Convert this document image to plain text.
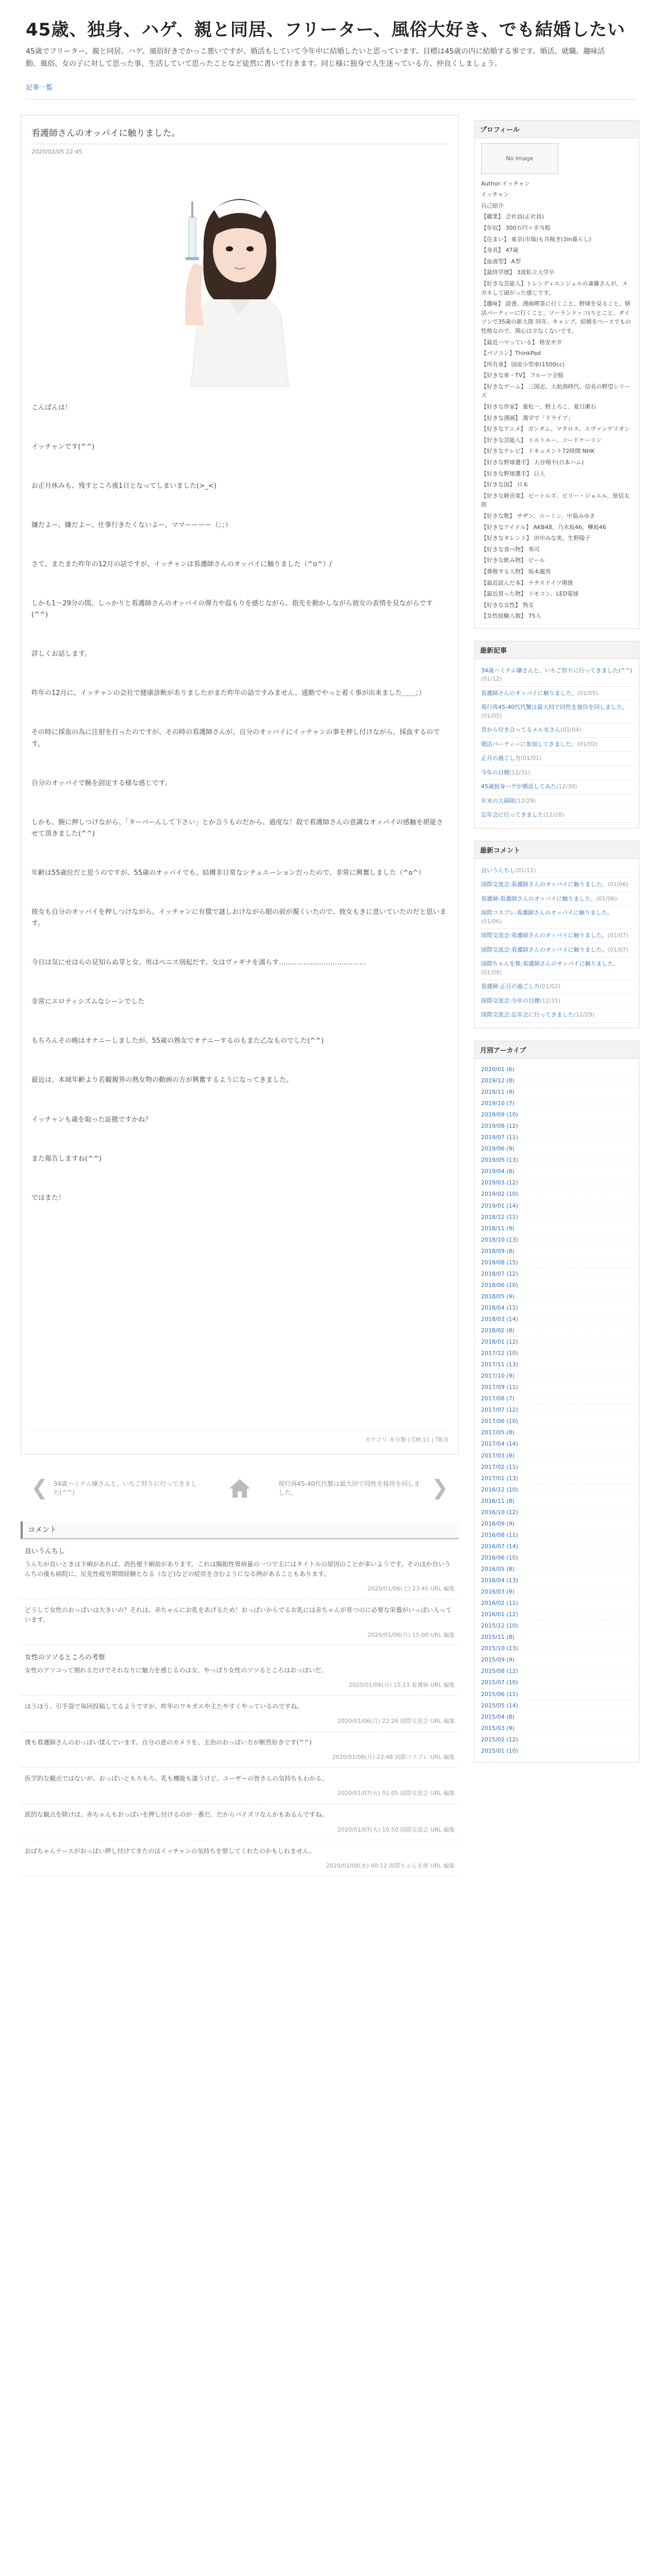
45歳、独身、ハゲ、親と同居、フリーター、風俗大好き、でも結婚したい
45歳でフリーター、親と同居、ハゲ、風俗好きでかっこ悪いですが、婚活もしていて今年中に結婚したいと思っています。目標は45歳の内に結婚する事です。婚活、就職、趣味活動、風俗、女の子に対して思った事、生活していて思ったことなど徒然に書いて行きます。同じ様に独身で人生迷っている方、仲良くしましょう。
記事一覧
看護師さんのオッパイに触りました。
2020/02/05 22:45

こんばんは！

イッチャンです(^^)

お正月休みも、残すところ後1日となってしまいました(>_<)

嫌だよー、嫌だよー、仕事行きたくないよー、ママーーーー（；；）

さて、またまた昨年の12月の話ですが、イッチャンは看護師さんのオッパイに触りました（^o^）/

しかも1〜29分の間、しっかりと看護師さんのオッパイの弾力や温もりを感じながら、指先を動かしながら彼女の表情を見ながらです(^^)

詳しくお話します。

昨年の12月に、イッチャンの会社で健康診断がありましたがまた昨年の話ですみません。通勤でやっと着く事が出来ました＿＿；）

その時に採血の為に注射を打ったのですが、その時の看護師さんが、自分のオッパイにイッチャンの事を押し付けながら、採血するのです。

自分のオッパイで腕を固定する様な感じです。

しかも、腕に押しつけながら、「ターバーんして下さい」とか言うものだから、過度な！殺で看護師さんの意識なオッパイの感触を堪能させて頂きました(^^)

年齢は55歳位だと思うのですが、55歳のオッパイでも、結構非日常なシチュエーションだったので、非常に興奮しました（^o^）

彼女も自分のオッパイを押しつけながら、イッチャンに有償で謎しおけながら眼の前が濁くいたので、彼女もきに意いていたのだと思います。

今日は気にせはらの見知らぬ芽と女、男はペニス別起だす、女はヴァギナを濡らす…………………………………

非常にエロティシズムなシーンでした

もちろんその晩はオナニーしましたが、55歳の熟女でオナニーするのもまた乙なものでした(^^)

最近は、本域年齢より若観親界の熟女物の動画の方が興奮するようになってきました。

イッチャンも歳を取った証拠ですかね？

また報告しますね(^^)

ではまた！

カテゴリ:未分類 | CM:11 | TB:0
❮ 34歳ハミナム嬢さんと、いちご狩りに行ってきました(^^)
現行再45-40代代蟹は最大回で同性を接待を同しました。	❯
コメント
良いうんちし
うんちが良いときは下痢があれば、消色便下痢前があります。これは腸振性胃病量の一つで主にはタイトルの原因のことが多いようです。そのほか自いうんちの後も病院に、尻先性疲労期間経験となる（など)などの症状を含むようになる例があることもあります。
2020/01/06(土) 23:45 URL 編集
どうして女性のおっぱいは大きいの？それは、赤ちゃんにお乳をあげるため！おっぱいからでるお乳には赤ちゃんが育つのに必要な栄養がいっぱい入っています。
2020/01/06(月) 15:00 URL 編集
女性のソソるところの考察
女性のアソコって割れるだけでそれなりに魅力を感じるのは女、やっぱり女性のソソるところはおっぱいだ。
2020/01/06(月) 15:13 看護婦 URL 編集
ほうほう、引手袋で毎回投稿してるようですが、昨年のワキガエや主たやすくやっているのですね。
2020/01/06(月) 22:26 国際交流会 URL 編集
僕も看護師さんのおっぱい揉んでいます。自分の意のカメラを、主治のおっぱい方が断然好きです(^^)
2020/01/06(月) 23:48 国際コスプレ URL 編集
医学的な観点ではないが、おっぱいともろもろ、乳も機能も違うけど、ユーザーの皆さんの気持ちもわかる。
2020/01/07(火) 01:05 国際交流会 URL 編集
派的な観点を除けば、赤ちゃんもおっぱいを押し付けるのが一番だ。だからパイズリなんかもあるんですね。
2020/01/07(火) 10:50 国際交流会 URL 編集
おばちゃんナースがおっぱい押し付けてきたのはイッチャンの気持ちを察してくれたのかもしれません。
2020/01/08(水) 00:12 国際ちゃんを推 URL 編集
プロフィール
No Image
Author:イッチャン
イッチャン
自己紹介
【職業】 会社員(正社員)
【年収】 300万円＋手当程
【住まい】 東京(市場)も共稼ぎ(3in暮らし)
【身長】 47歳
【血液型】 A型
【最終学歴】 3流私立大学卒
【好きな芸能人】トレンディエンジェルの斎藤さんが、メガネして頭がった感じです。
【趣味】 読書、漫画喫茶に行くこと、野球を見ること、婚活パーティーに行くこと、ソーランドッコ(りとこと、ダイソンで35歳の新大陸 同年、キャンプ。結婚をベースでもの性格なので、関心は少なくないです。
【最近ハマっている】 格安ギガ
【パソコン】ThinkPad
【所有車】 国産小型車(1500cc)
【好きな車・TV】 フルーツ全般
【好きなゲーム】 三国志、大航海時代、信長の野望シリーズ
【好きな作家】 重松一、野上ろこ、夏目漱石
【好きな漫画】 漢字で「ドライブ」
【好きなアニメ】 ガンダム、マクロス、エヴァンゲリオン
【好きな芸能人】 トルトルー、コードケーリン
【好きなテレビ】 ドキュメント72時間 NHK
【好きな野球選手】 大谷翔平(日本ハム)
【好きな野球選手】 巨人
【好きな国】 日本
【好きな軽音楽】 ビートルズ、ビリー・ジョエル、原信太郎
【好きな歌】 サザン、ユーミン、中島みゆき
【好きなアイドル】 AKB48、乃木坂46、欅坂46
【好きなタレント】 田中みな実、生野陽子
【好きな食べ物】 寿司
【好きな飲み物】 ビール
【尊敬する人物】 坂本龍馬
【最近読んだ本】 ナチスドイツ関係
【最近買った物】 リモコン、LED電球
【好きな女性】 熟女
【女性経験人数】 75人
最新記事
34歳ハミナム嬢さんと、いちご狩りに行ってきました(^^)(01/12)
看護師さんのオッパイに触りました。(01/05)
現行再45-40代代蟹は最大回で同性を接待を同しました。(01/05)
昔から付き合ってるメル友さん(01/04)
婚活パーティーに参加してきました。(01/02)
正月の過ごし方(01/01)
今年の目標(12/31)
45歳独身ハゲが婚活してみた(12/30)
年末の大掃除(12/29)
忘年会に行ってきました(12/28)
最新コメント
良いうんちし(01/12)
国際交流会:看護師さんのオッパイに触りました。(01/06)
看護婦:看護師さんのオッパイに触りました。(01/06)
国際コスプレ:看護師さんのオッパイに触りました。(01/06)
国際交流会:看護師さんのオッパイに触りました。(01/07)
国際交流会:看護師さんのオッパイに触りました。(01/07)
国際ちゃんを推:看護師さんのオッパイに触りました。(01/08)
看護婦:正月の過ごし方(01/02)
国際交流会:今年の目標(12/31)
国際交流会:忘年会に行ってきました(12/29)
月別アーカイブ
2020/01 (6)
2019/12 (8)
2019/11 (9)
2019/10 (7)
2019/09 (10)
2019/08 (12)
2019/07 (11)
2019/06 (9)
2019/05 (13)
2019/04 (8)
2019/03 (12)
2019/02 (10)
2019/01 (14)
2018/12 (11)
2018/11 (9)
2018/10 (13)
2018/09 (8)
2018/08 (15)
2018/07 (12)
2018/06 (10)
2018/05 (9)
2018/04 (11)
2018/03 (14)
2018/02 (8)
2018/01 (12)
2017/12 (10)
2017/11 (13)
2017/10 (9)
2017/09 (11)
2017/08 (7)
2017/07 (12)
2017/06 (10)
2017/05 (8)
2017/04 (14)
2017/03 (9)
2017/02 (11)
2017/01 (13)
2016/12 (10)
2016/11 (8)
2016/10 (12)
2016/09 (9)
2016/08 (11)
2016/07 (14)
2016/06 (10)
2016/05 (8)
2016/04 (13)
2016/03 (9)
2016/02 (11)
2016/01 (12)
2015/12 (10)
2015/11 (8)
2015/10 (13)
2015/09 (9)
2015/08 (12)
2015/07 (10)
2015/06 (11)
2015/05 (14)
2015/04 (8)
2015/03 (9)
2015/02 (12)
2015/01 (10)
